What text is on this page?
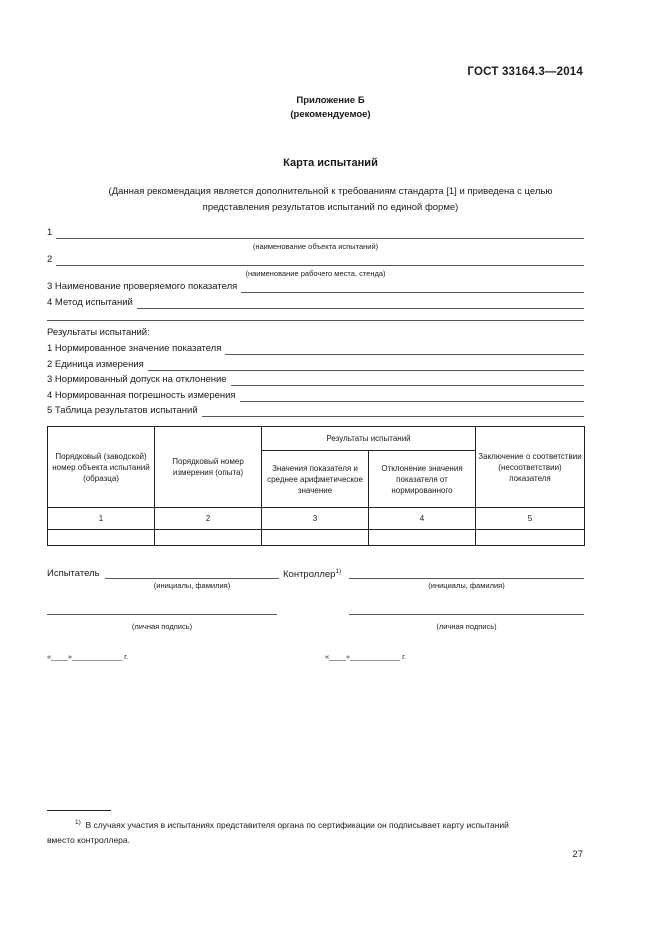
ГОСТ 33164.3—2014
Приложение Б
(рекомендуемое)
Карта испытаний
(Данная рекомендация является дополнительной к требованиям стандарта [1] и приведена с целью
представления результатов испытаний по единой форме)
1
(наименование объекта испытаний)
2
(наименование рабочего места, стенда)
3 Наименование проверяемого показателя
4 Метод испытаний
Результаты испытаний:
1 Нормированное значение показателя
2 Единица измерения
3 Нормированный допуск на отклонение
4 Нормированная погрешность измерения
5 Таблица результатов испытаний
Порядковый (заводской) номер объекта испытаний (образца)	Порядковый номер измерения (опыта)	Результаты испытаний		Заключение о соответствии (несоответствии) показателя
		Значения показателя и среднее арифметическое значение	Отклонение значения показателя от нормированного	
1	2	3	4	5

Испытатель	Контроллер$^{1)}$
(инициалы, фамилия)	(инициалы, фамилия)
(личная подпись)	(личная подпись)
«____»____________ г.	«____»____________ г.
$^{1)}$ В случаях участия в испытаниях представителя органа по сертификации он подписывает карту испытаний
вместо контроллера.
27
